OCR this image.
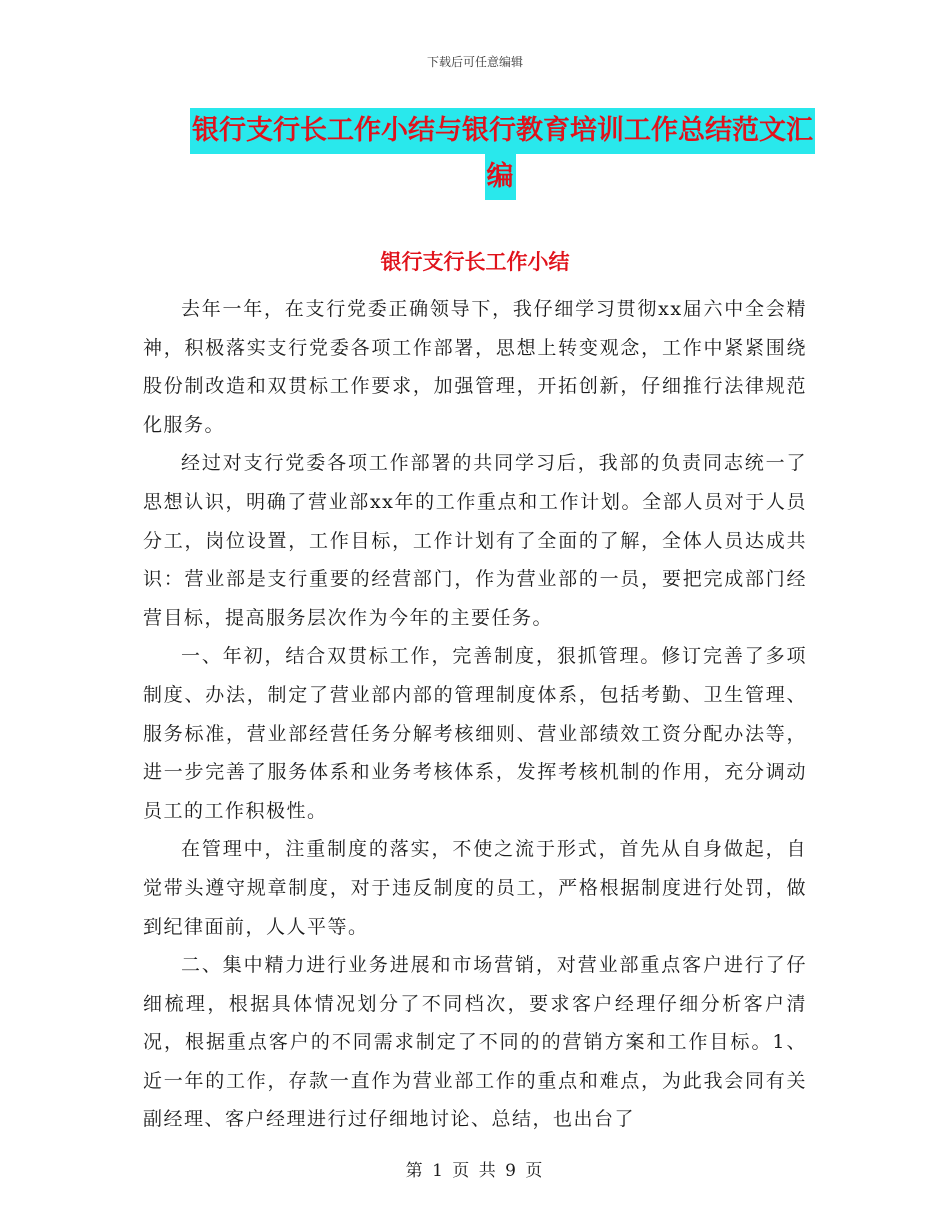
下载后可任意编辑
银行支行长工作小结与银行教育培训工作总结范文汇
编
银行支行长工作小结

去年一年，在支行党委正确领导下，我仔细学习贯彻xx届六中全会精神，积极落实支行党委各项工作部署，思想上转变观念，工作中紧紧围绕股份制改造和双贯标工作要求，加强管理，开拓创新，仔细推行法律规范化服务。

经过对支行党委各项工作部署的共同学习后，我部的负责同志统一了思想认识，明确了营业部xx年的工作重点和工作计划。全部人员对于人员分工，岗位设置，工作目标，工作计划有了全面的了解，全体人员达成共识：营业部是支行重要的经营部门，作为营业部的一员，要把完成部门经营目标，提高服务层次作为今年的主要任务。

一、年初，结合双贯标工作，完善制度，狠抓管理。修订完善了多项制度、办法，制定了营业部内部的管理制度体系，包括考勤、卫生管理、服务标准，营业部经营任务分解考核细则、营业部绩效工资分配办法等，进一步完善了服务体系和业务考核体系，发挥考核机制的作用，充分调动员工的工作积极性。

在管理中，注重制度的落实，不使之流于形式，首先从自身做起，自觉带头遵守规章制度，对于违反制度的员工，严格根据制度进行处罚，做到纪律面前，人人平等。

二、集中精力进行业务进展和市场营销，对营业部重点客户进行了仔细梳理，根据具体情况划分了不同档次，要求客户经理仔细分析客户清况，根据重点客户的不同需求制定了不同的的营销方案和工作目标。1、近一年的工作，存款一直作为营业部工作的重点和难点，为此我会同有关副经理、客户经理进行过仔细地讨论、总结，也出台了

第 1 页 共 9 页
